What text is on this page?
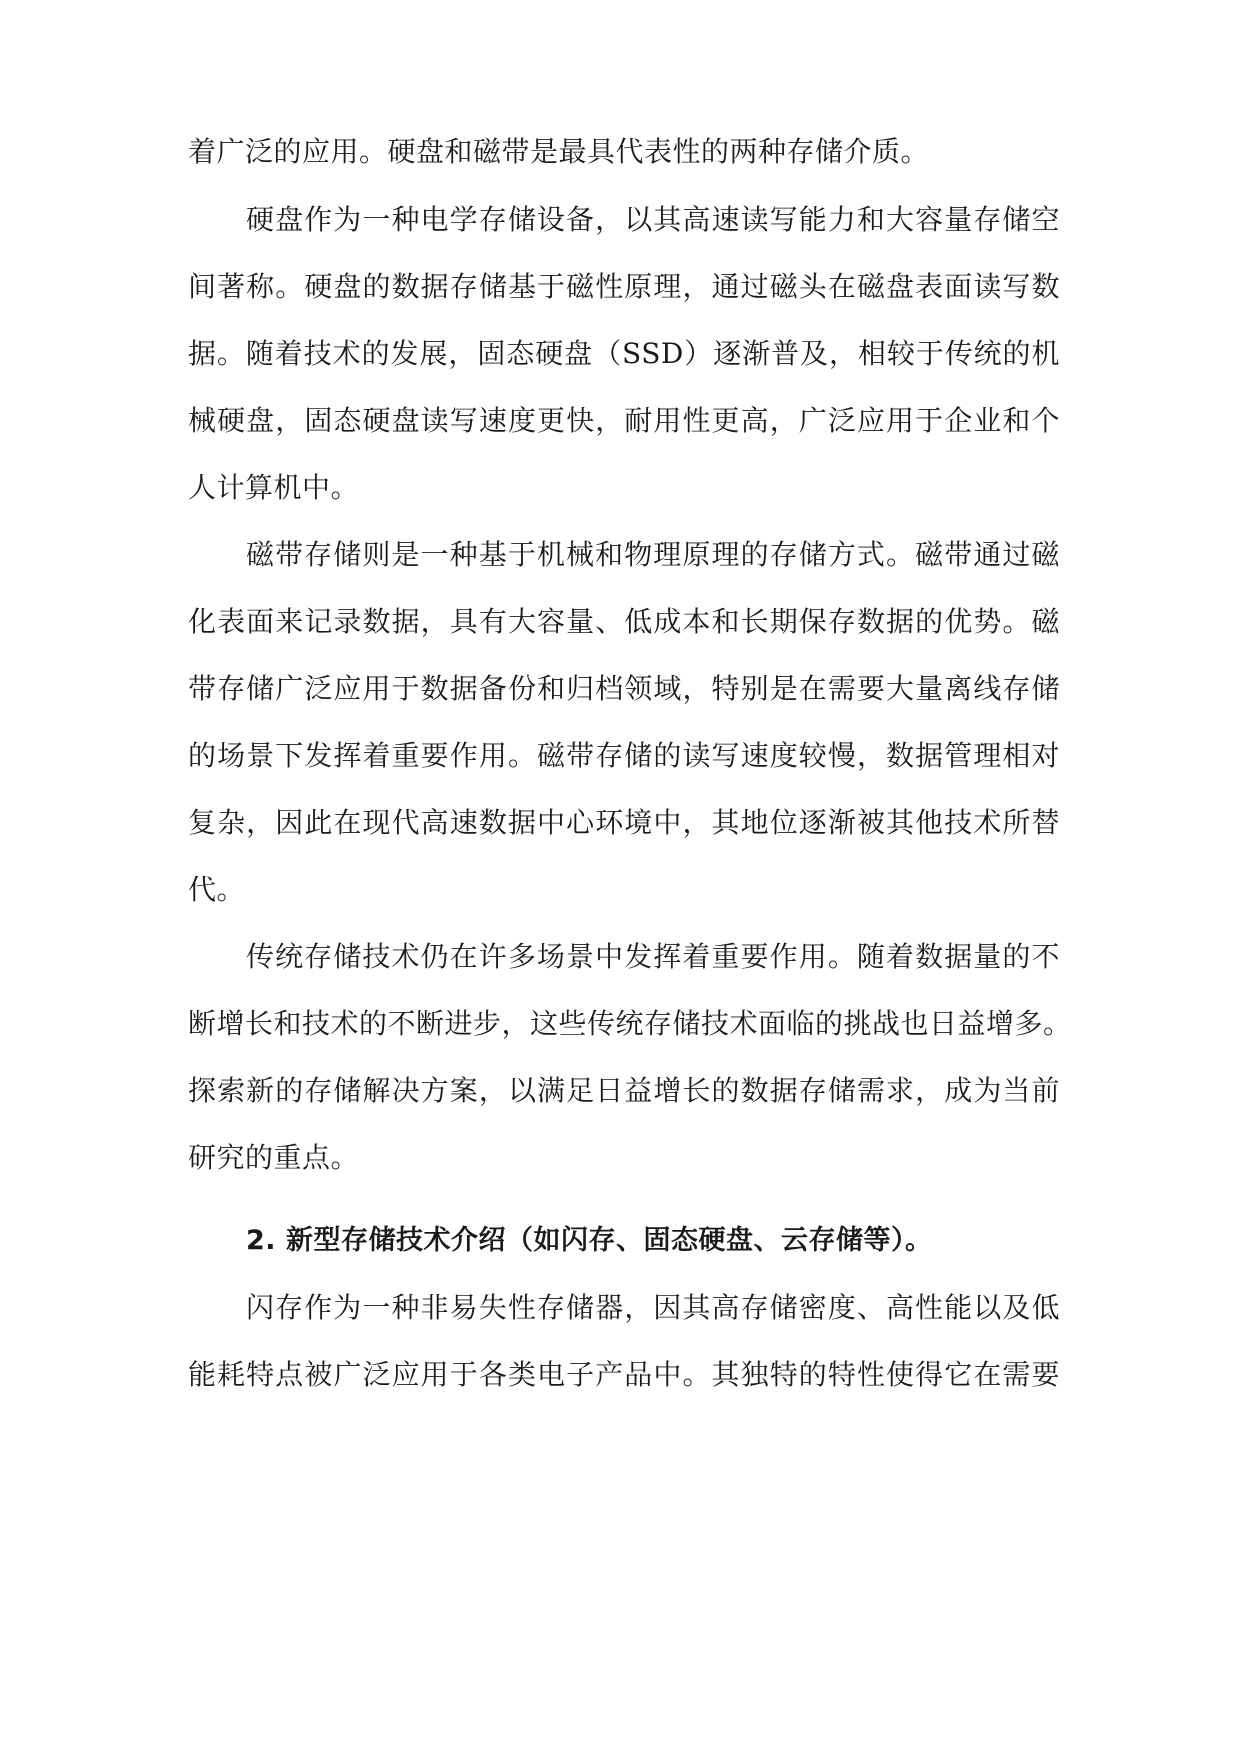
着广泛的应用。硬盘和磁带是最具代表性的两种存储介质。
硬盘作为一种电学存储设备，以其高速读写能力和大容量存储空
间著称。硬盘的数据存储基于磁性原理，通过磁头在磁盘表面读写数
据。随着技术的发展，固态硬盘（SSD）逐渐普及，相较于传统的机
械硬盘，固态硬盘读写速度更快，耐用性更高，广泛应用于企业和个
人计算机中。
磁带存储则是一种基于机械和物理原理的存储方式。磁带通过磁
化表面来记录数据，具有大容量、低成本和长期保存数据的优势。磁
带存储广泛应用于数据备份和归档领域，特别是在需要大量离线存储
的场景下发挥着重要作用。磁带存储的读写速度较慢，数据管理相对
复杂，因此在现代高速数据中心环境中，其地位逐渐被其他技术所替
代。
传统存储技术仍在许多场景中发挥着重要作用。随着数据量的不
断增长和技术的不断进步，这些传统存储技术面临的挑战也日益增多。
探索新的存储解决方案，以满足日益增长的数据存储需求，成为当前
研究的重点。
2. 新型存储技术介绍（如闪存、固态硬盘、云存储等）。
闪存作为一种非易失性存储器，因其高存储密度、高性能以及低
能耗特点被广泛应用于各类电子产品中。其独特的特性使得它在需要
